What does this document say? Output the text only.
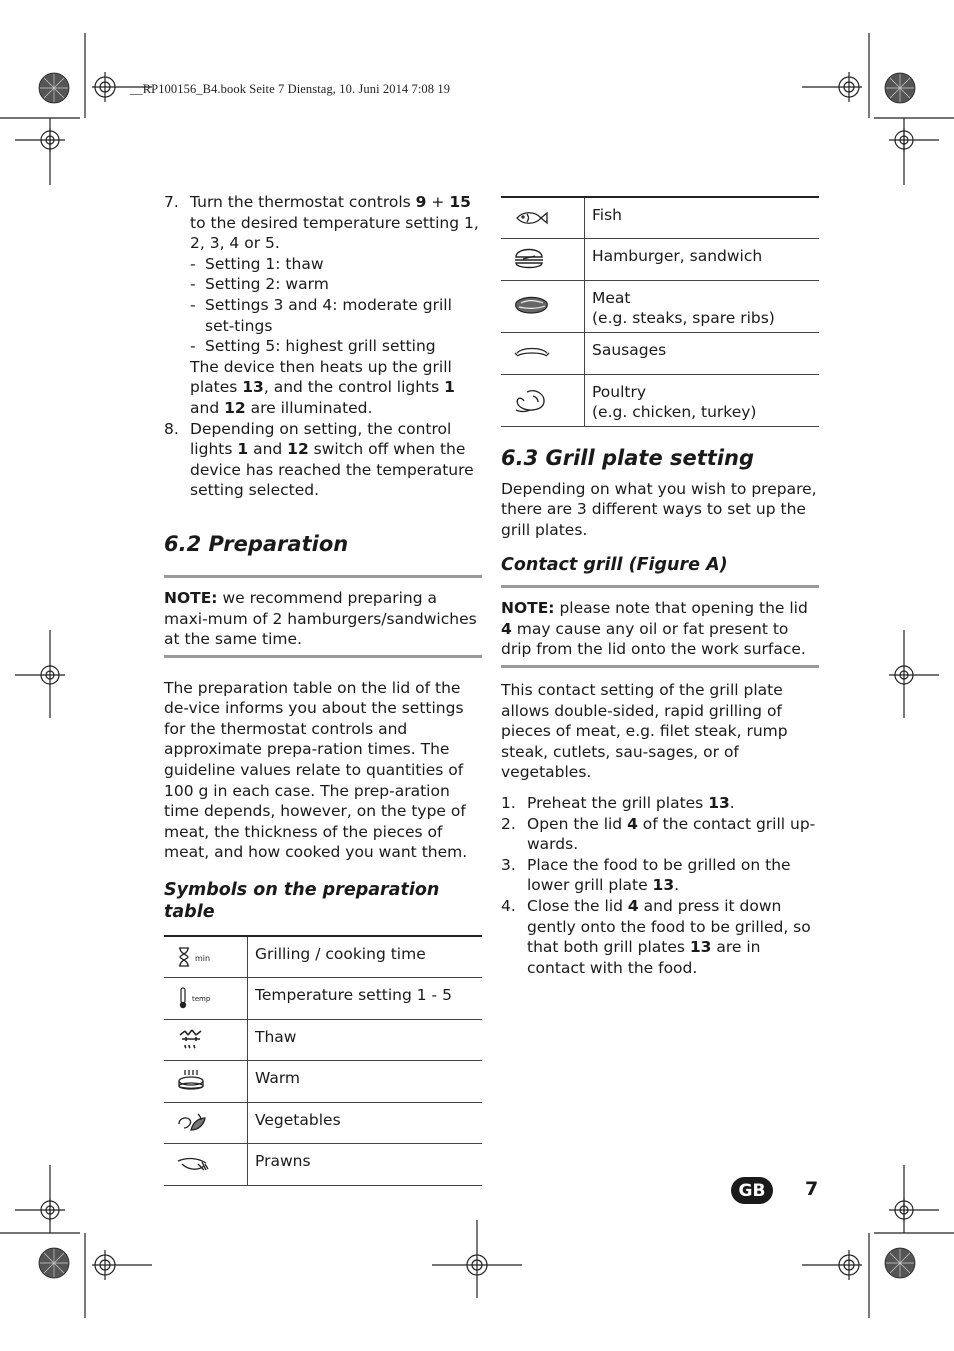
__RP100156_B4.book Seite 7 Dienstag, 10. Juni 2014 7:08 19
7. Turn the thermostat controls 9 + 15 to the desired temperature setting 1, 2, 3, 4 or 5.
- Setting 1: thaw
- Setting 2: warm
- Settings 3 and 4: moderate grill set-tings
- Setting 5: highest grill setting
The device then heats up the grill plates 13, and the control lights 1 and 12 are illuminated.
8. Depending on setting, the control lights 1 and 12 switch off when the device has reached the temperature setting selected.
6.2 Preparation
NOTE: we recommend preparing a maxi-mum of 2 hamburgers/sandwiches at the same time.

The preparation table on the lid of the de-vice informs you about the settings for the thermostat controls and approximate prepa-ration times. The guideline values relate to quantities of 100 g in each case. The prep-aration time depends, however, on the type of meat, the thickness of the pieces of meat, and how cooked you want them.

Symbols on the preparation table
min	Grilling / cooking time

temp	Temperature setting 1 - 5

	Thaw

	Warm

	Vegetables

	Prawns
	Fish

	Hamburger, sandwich

Meat
(e.g. steaks, spare ribs)

	Sausages

Poultry
(e.g. chicken, turkey)
6.3 Grill plate setting

Depending on what you wish to prepare, there are 3 different ways to set up the grill plates.

Contact grill (Figure A)
NOTE: please note that opening the lid 4 may cause any oil or fat present to drip from the lid onto the work surface.

This contact setting of the grill plate allows double-sided, rapid grilling of pieces of meat, e.g. filet steak, rump steak, cutlets, sau-sages, or of vegetables.

1. Preheat the grill plates 13.
2. Open the lid 4 of the contact grill up-wards.
3. Place the food to be grilled on the lower grill plate 13.
4. Close the lid 4 and press it down gently onto the food to be grilled, so that both grill plates 13 are in contact with the food.
GB	7
